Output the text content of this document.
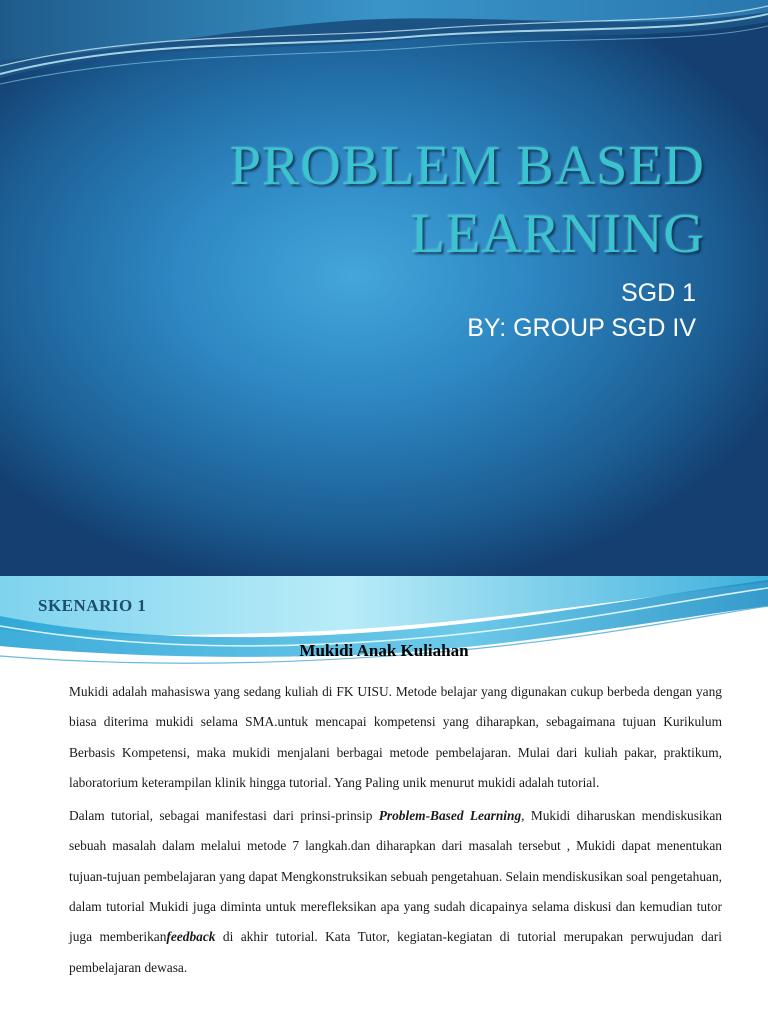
PROBLEM BASED LEARNING
SGD 1
BY: GROUP SGD IV
SKENARIO 1
Mukidi Anak Kuliahan

Mukidi adalah mahasiswa yang sedang kuliah di FK UISU. Metode belajar yang digunakan cukup berbeda dengan yang biasa diterima mukidi selama SMA.untuk mencapai kompetensi yang diharapkan, sebagaimana tujuan Kurikulum Berbasis Kompetensi, maka mukidi menjalani berbagai metode pembelajaran. Mulai dari kuliah pakar, praktikum, laboratorium keterampilan klinik hingga tutorial. Yang Paling unik menurut mukidi adalah tutorial.

Dalam tutorial, sebagai manifestasi dari prinsi-prinsip Problem-Based Learning, Mukidi diharuskan mendiskusikan sebuah masalah dalam melalui metode 7 langkah.dan diharapkan dari masalah tersebut , Mukidi dapat menentukan tujuan-tujuan pembelajaran yang dapat Mengkonstruksikan sebuah pengetahuan. Selain mendiskusikan soal pengetahuan, dalam tutorial Mukidi juga diminta untuk merefleksikan apa yang sudah dicapainya selama diskusi dan kemudian tutor juga memberikanfeedback di akhir tutorial. Kata Tutor, kegiatan-kegiatan di tutorial merupakan perwujudan dari pembelajaran dewasa.
